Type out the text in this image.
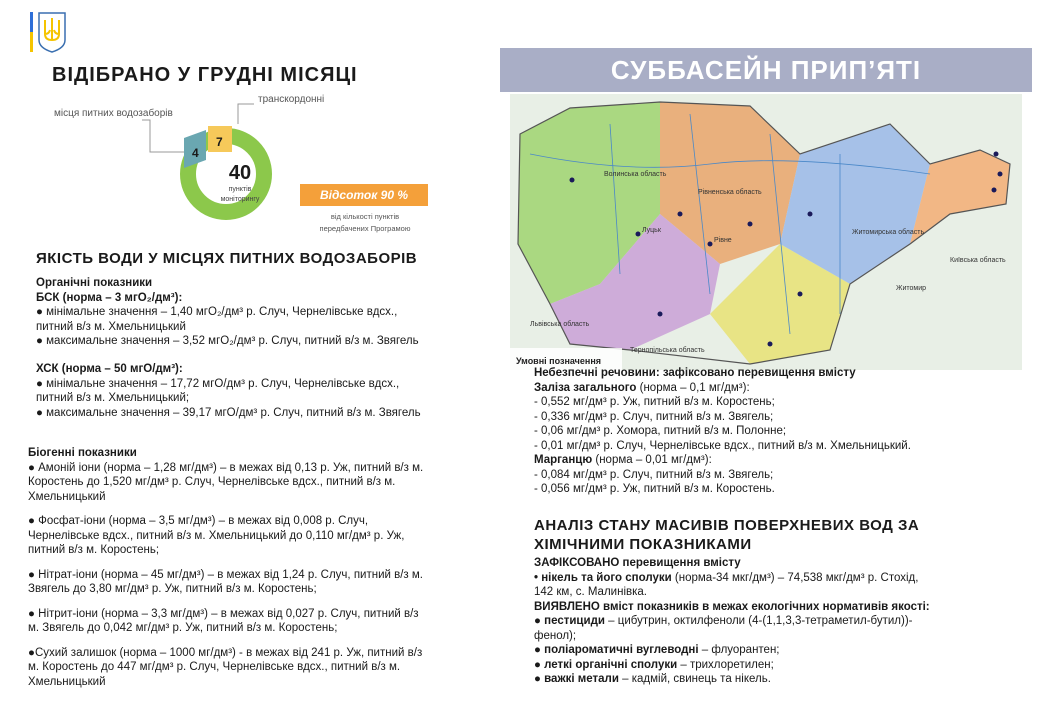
ВІДІБРАНО У ГРУДНІ МІСЯЦІ
місця питних водозаборів
транскордонні
4
7
40
пунктів
моніторингу	Відсоток 90 %
від кількості пунктів
передбачених Програмою
СУББАСЕЙН ПРИП’ЯТІ
Волинська область
Рівненська область
Житомирська область
Київська область
Львівська область
Тернопільська область
Луцьк
Рівне
Житомир
Умовні позначення
ЯКІСТЬ ВОДИ У МІСЦЯХ ПИТНИХ ВОДОЗАБОРІВ
Органічні показники
БСК (норма – 3 мгО₂/дм³):
● мінімальне значення – 1,40 мгО₂/дм³ р. Случ, Чернелівське вдсх.,
питний в/з м. Хмельницький
● максимальне значення – 3,52 мгО₂/дм³ р. Случ, питний в/з м. Звягель
ХСК (норма – 50 мгО/дм³):
● мінімальне значення – 17,72 мгО/дм³ р. Случ, Чернелівське вдсх.,
питний в/з м. Хмельницький;
● максимальне значення – 39,17 мгО/дм³ р. Случ, питний в/з м. Звягель
Біогенні показники
● Амоній іони (норма – 1,28 мг/дм³) – в межах від 0,13 р. Уж, питний в/з м.
Коростень до 1,520 мг/дм³ р. Случ, Чернелівське вдсх., питний в/з м.
Хмельницький
● Фосфат-іони (норма – 3,5 мг/дм³) – в межах від 0,008 р. Случ,
Чернелівське вдсх., питний в/з м. Хмельницький до 0,110 мг/дм³ р. Уж,
питний в/з м. Коростень;
● Нітрат-іони (норма – 45 мг/дм³) – в межах від 1,24 р. Случ, питний в/з м.
Звягель до 3,80 мг/дм³ р. Уж, питний в/з м. Коростень;
● Нітрит-іони (норма – 3,3 мг/дм³) – в межах від 0,027 р. Случ, питний в/з
м. Звягель до 0,042 мг/дм³ р. Уж, питний в/з м. Коростень;
●Сухий залишок (норма – 1000 мг/дм³) - в межах від 241 р. Уж, питний в/з
м. Коростень до 447 мг/дм³ р. Случ, Чернелівське вдсх., питний в/з м.
Хмельницький
Небезпечні речовини: зафіксовано перевищення вмісту
Заліза загального (норма – 0,1 мг/дм³):
- 0,552 мг/дм³ р. Уж, питний в/з м. Коростень;
- 0,336 мг/дм³ р. Случ, питний в/з м. Звягель;
- 0,06 мг/дм³ р. Хомора, питний в/з м. Полонне;
- 0,01 мг/дм³ р. Случ, Чернелівське вдсх., питний в/з м. Хмельницький.
Марганцю (норма – 0,01 мг/дм³):
- 0,084 мг/дм³ р. Случ, питний в/з м. Звягель;
- 0,056 мг/дм³ р. Уж, питний в/з м. Коростень.
АНАЛІЗ СТАНУ МАСИВІВ ПОВЕРХНЕВИХ ВОД ЗА
ХІМІЧНИМИ ПОКАЗНИКАМИ
ЗАФІКСОВАНО перевищення вмісту
• нікель та його сполуки (норма-34 мкг/дм³) – 74,538 мкг/дм³ р. Стохід,
142 км, с. Малинівка.
ВИЯВЛЕНО вміст показників в межах екологічних нормативів якості:
● пестициди – цибутрин, октилфеноли (4-(1,1,3,3-тетраметил-бутил))-
фенол);
● поліароматичні вуглеводні – флуорантен;
● леткі органічні сполуки – трихлоретилен;
● важкі метали – кадмій, свинець та нікель.
